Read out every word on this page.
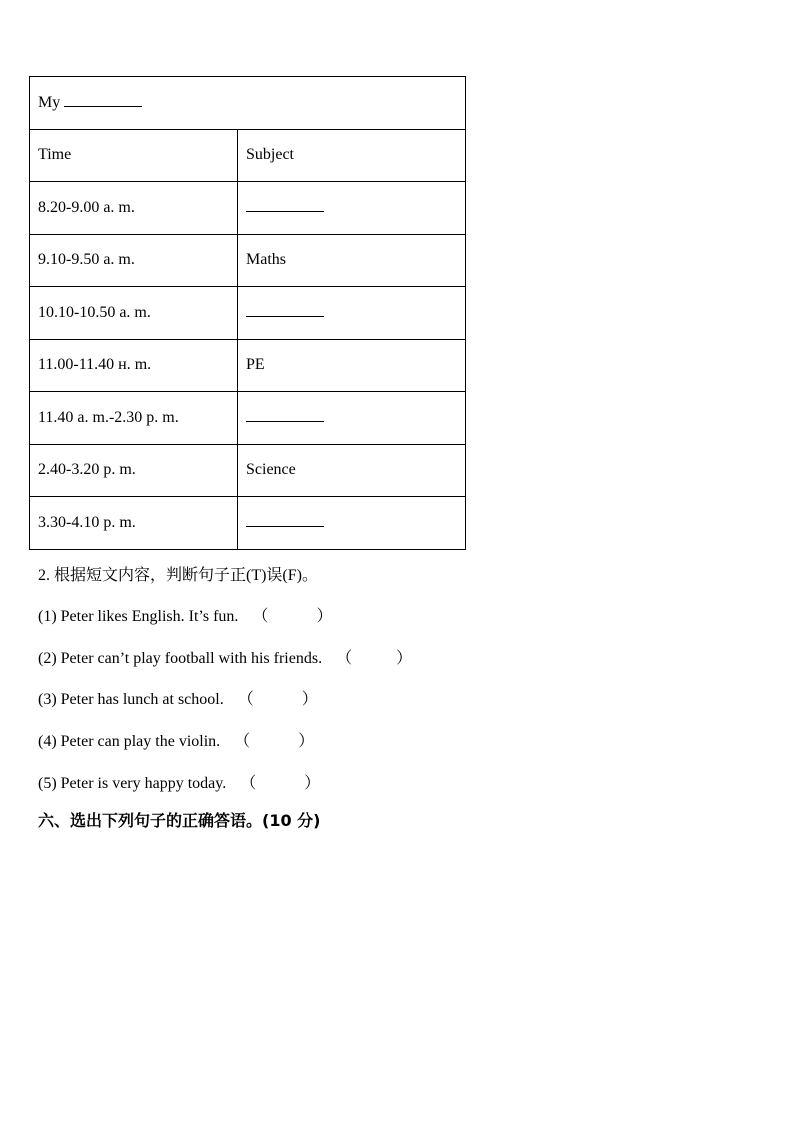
My	
Time	Subject
8.20-9.00 a. m.	
9.10-9.50 a. m.	Maths
10.10-10.50 a. m.	
11.00-11.40 н. m.	PE
11.40 a. m.-2.30 p. m.	
2.40-3.20 p. m.	Science
3.30-4.10 p. m.	
2. 根据短文内容，判断句子正(T)误(F)。
(1) Peter likes English. It’s fun. （	）
(2) Peter can’t play football with his friends. （	）
(3) Peter has lunch at school. （	）
(4) Peter can play the violin. （	）
(5) Peter is very happy today. （	）
六、选出下列句子的正确答语。(10 分)
